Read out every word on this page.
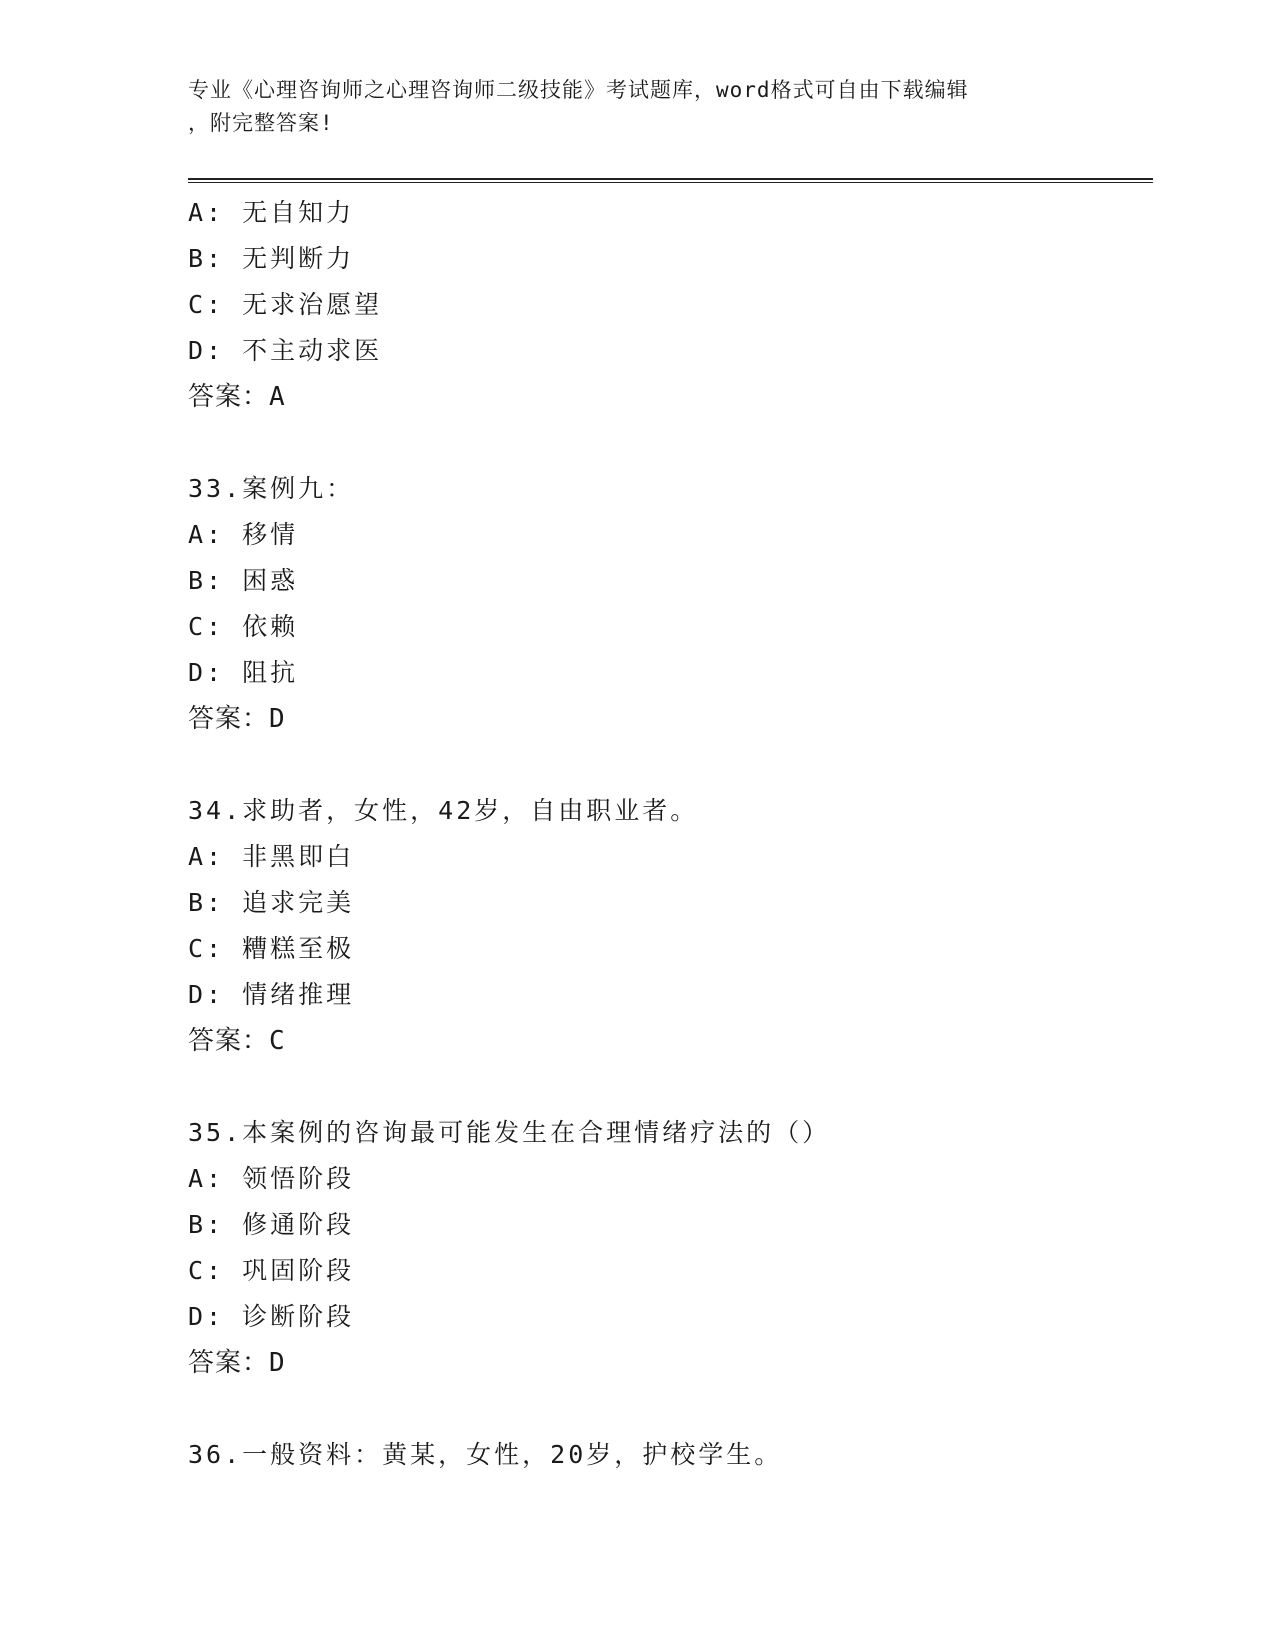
专业《心理咨询师之心理咨询师二级技能》考试题库，word格式可自由下载编辑
，附完整答案!
A: 无自知力
B: 无判断力
C: 无求治愿望
D: 不主动求医
答案：A
33.案例九：
A: 移情
B: 困惑
C: 依赖
D: 阻抗
答案：D
34.求助者，女性，42岁，自由职业者。
A: 非黑即白
B: 追求完美
C: 糟糕至极
D: 情绪推理
答案：C
35.本案例的咨询最可能发生在合理情绪疗法的（）
A: 领悟阶段
B: 修通阶段
C: 巩固阶段
D: 诊断阶段
答案：D
36.一般资料：黄某，女性，20岁，护校学生。
